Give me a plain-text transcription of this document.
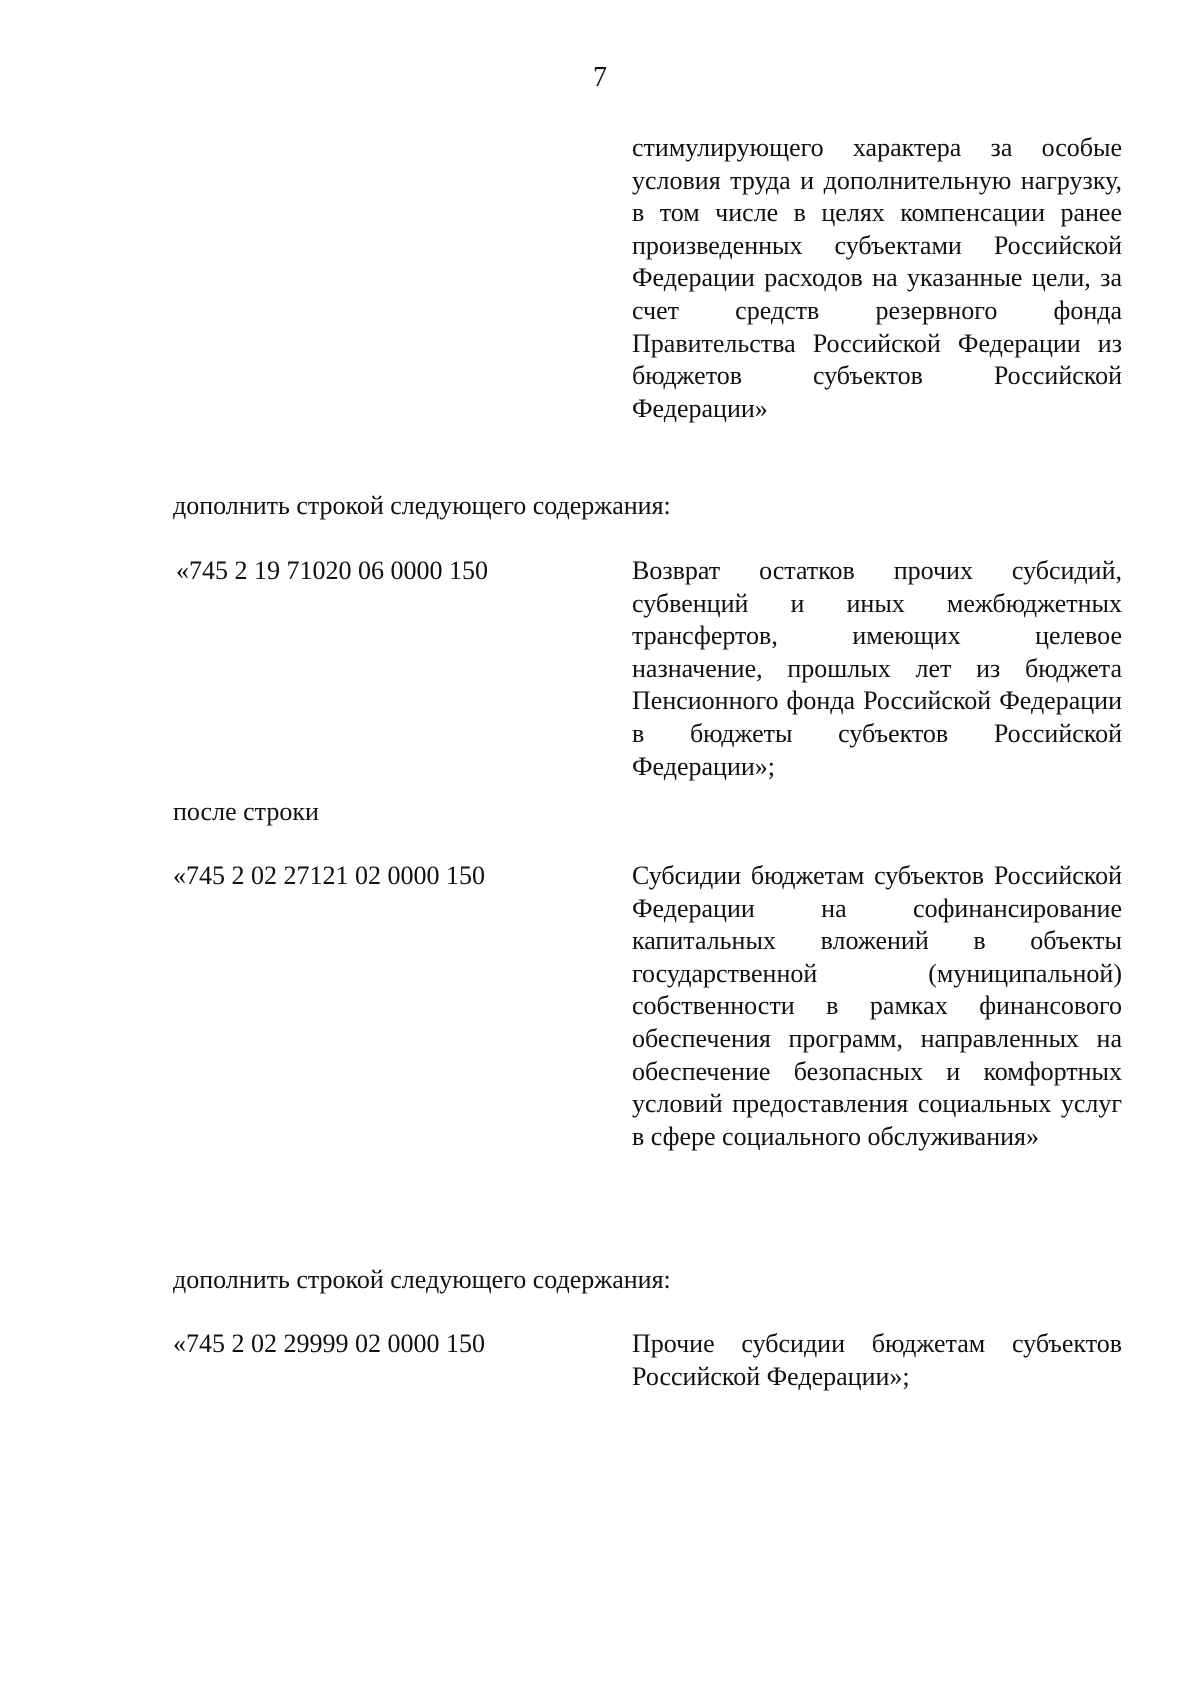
7
стимулирующего характера за особые условия труда и дополнительную нагрузку, в том числе в целях компенсации ранее произведенных субъектами Российской Федерации расходов на указанные цели, за счет средств резервного фонда Правительства Российской Федерации из бюджетов субъектов Российской Федерации»
дополнить строкой следующего содержания:
«745 2 19 71020 06 0000 150	Возврат остатков прочих субсидий, субвенций и иных межбюджетных трансфертов, имеющих целевое назначение, прошлых лет из бюджета Пенсионного фонда Российской Федерации в бюджеты субъектов Российской Федерации»;
после строки
«745 2 02 27121 02 0000 150	Субсидии бюджетам субъектов Российской Федерации на софинансирование капитальных вложений в объекты государственной (муниципальной) собственности в рамках финансового обеспечения программ, направленных на обеспечение безопасных и комфортных условий предоставления социальных услуг в сфере социального обслуживания»
дополнить строкой следующего содержания:
«745 2 02 29999 02 0000 150	Прочие субсидии бюджетам субъектов Российской Федерации»;
